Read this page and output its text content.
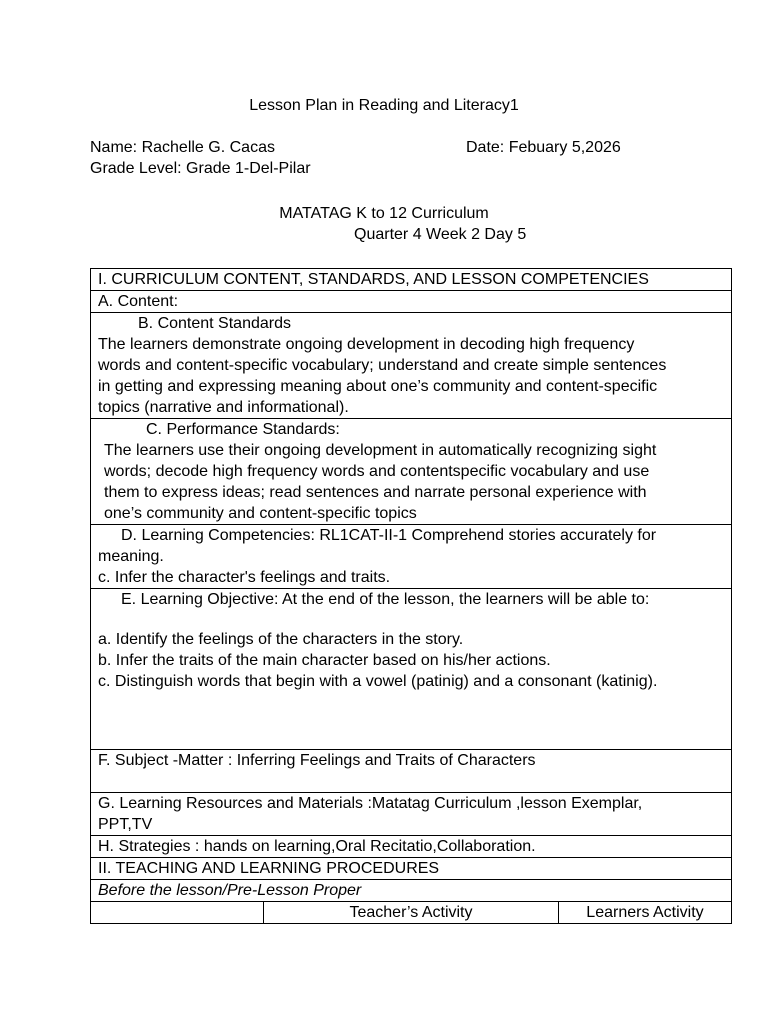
Lesson Plan in Reading and Literacy1
Name: Rachelle G. Cacas	Date: Febuary 5,2026
Grade Level: Grade 1-Del-Pilar
MATATAG K to 12 Curriculum
Quarter 4 Week 2 Day 5
I. CURRICULUM CONTENT, STANDARDS, AND LESSON COMPETENCIES
A. Content:

B. Content Standards
The learners demonstrate ongoing development in decoding high frequency
words and content-specific vocabulary; understand and create simple sentences
in getting and expressing meaning about one’s community and content-specific
topics (narrative and informational).

C. Performance Standards:
The learners use their ongoing development in automatically recognizing sight
words; decode high frequency words and contentspecific vocabulary and use
them to express ideas; read sentences and narrate personal experience with
one’s community and content-specific topics

D. Learning Competencies: RL1CAT-II-1 Comprehend stories accurately for
meaning.
c. Infer the character's feelings and traits.

E. Learning Objective: At the end of the lesson, the learners will be able to:
a. Identify the feelings of the characters in the story.
b. Infer the traits of the main character based on his/her actions.
c. Distinguish words that begin with a vowel (patinig) and a consonant (katinig).

F. Subject -Matter : Inferring Feelings and Traits of Characters

G. Learning Resources and Materials :Matatag Curriculum ,lesson Exemplar,
PPT,TV

H. Strategies : hands on learning,Oral Recitatio,Collaboration.
II. TEACHING AND LEARNING PROCEDURES
Before the lesson/Pre-Lesson Proper

	Teacher’s Activity	Learners Activity
